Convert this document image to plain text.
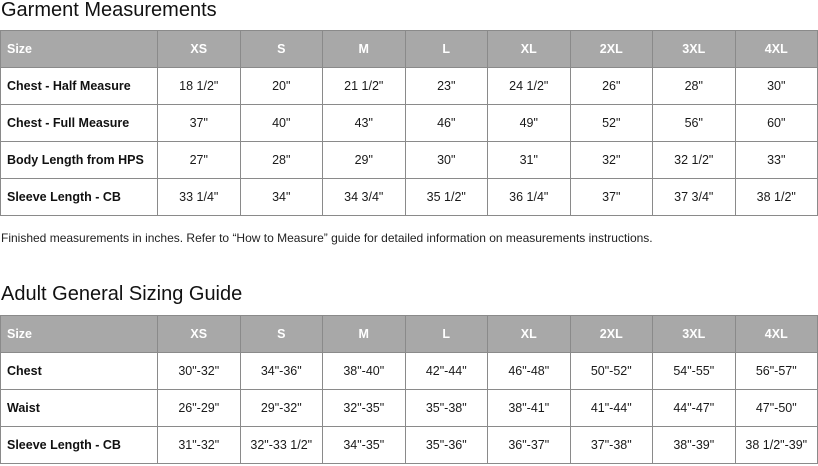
Garment Measurements
Size	XS	S	M	L	XL	2XL	3XL	4XL
Chest - Half Measure	18 1/2"	20"	21 1/2"	23"	24 1/2"	26"	28"	30"
Chest - Full Measure	37"	40"	43"	46"	49"	52"	56"	60"
Body Length from HPS	27"	28"	29"	30"	31"	32"	32 1/2"	33"
Sleeve Length - CB	33 1/4"	34"	34 3/4"	35 1/2"	36 1/4"	37"	37 3/4"	38 1/2"

Finished measurements in inches. Refer to “How to Measure” guide for detailed information on measurements instructions.

Adult General Sizing Guide
Size	XS	S	M	L	XL	2XL	3XL	4XL
Chest	30"-32"	34"-36"	38"-40"	42"-44"	46"-48"	50"-52"	54"-55"	56"-57"
Waist	26"-29"	29"-32"	32"-35"	35"-38"	38"-41"	41"-44"	44"-47"	47"-50"
Sleeve Length - CB	31"-32"	32"-33 1/2"	34"-35"	35"-36"	36"-37"	37"-38"	38"-39"	38 1/2"-39"
